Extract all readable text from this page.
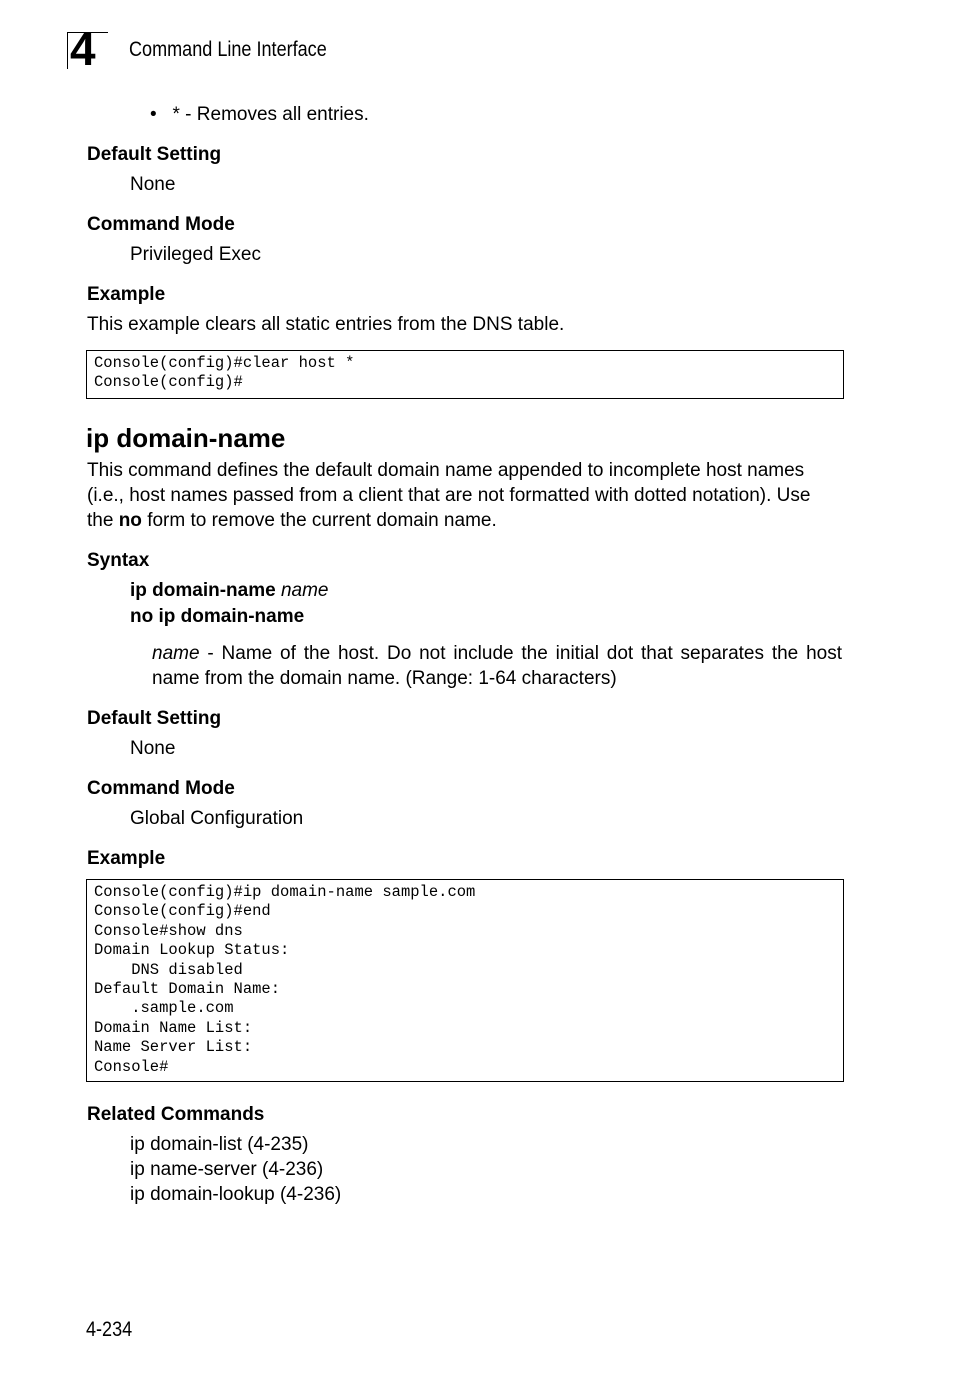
4 Command Line Interface
•   * - Removes all entries.
Default Setting
None
Command Mode
Privileged Exec
Example
This example clears all static entries from the DNS table.
Console(config)#clear host *
Console(config)#
ip domain-name
This command defines the default domain name appended to incomplete host names (i.e., host names passed from a client that are not formatted with dotted notation). Use the no form to remove the current domain name.
Syntax
ip domain-name name
no ip domain-name
name - Name of the host. Do not include the initial dot that separates the host name from the domain name. (Range: 1-64 characters)
Default Setting
None
Command Mode
Global Configuration
Example
Console(config)#ip domain-name sample.com
Console(config)#end
Console#show dns
Domain Lookup Status:
DNS disabled
Default Domain Name:
.sample.com
Domain Name List:
Name Server List:
Console#
Related Commands
ip domain-list (4-235)
ip name-server (4-236)
ip domain-lookup (4-236)
4-234
